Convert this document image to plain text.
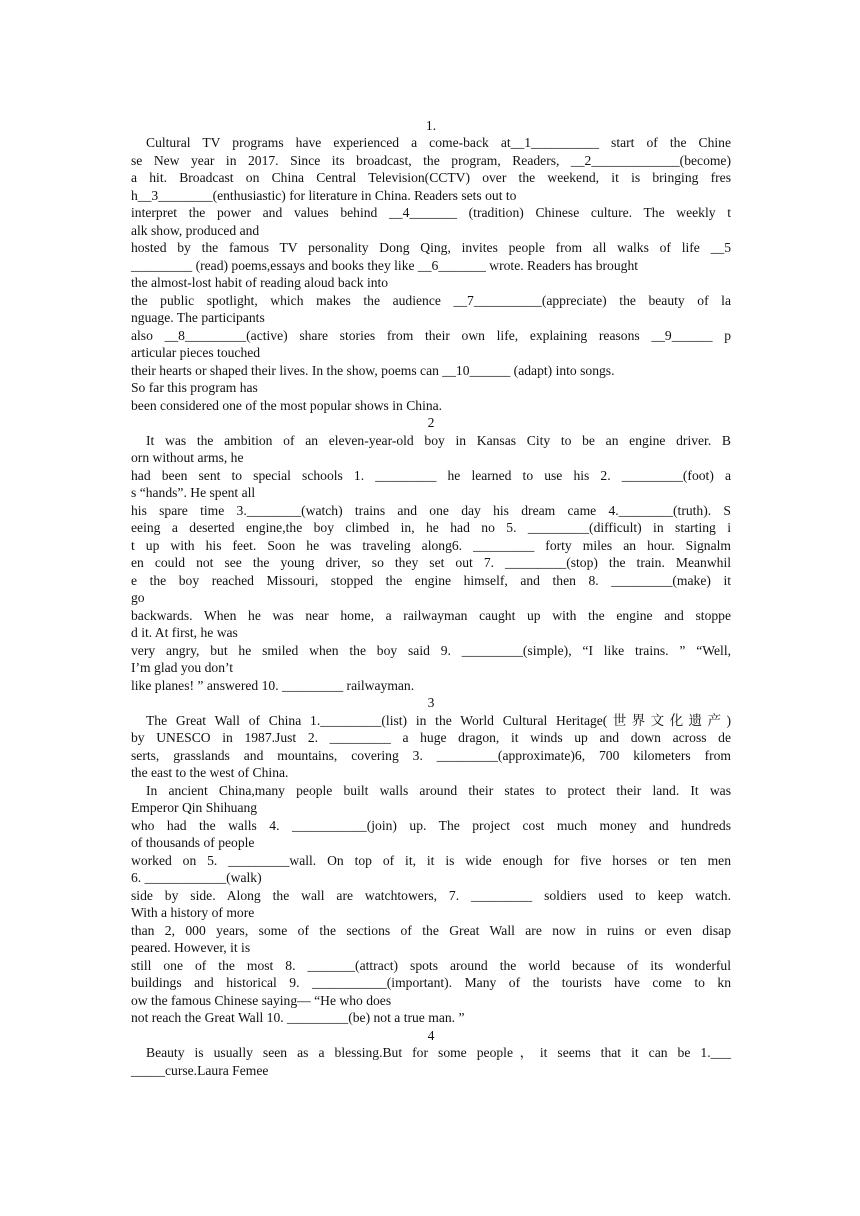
1.
Cultural TV programs have experienced a come-back at__1__________ start of the Chine
se New year in 2017. Since its broadcast, the program, Readers, __2_____________(become)
a hit. Broadcast on China Central Television(CCTV) over the weekend, it is bringing fres
h__3________(enthusiastic) for literature in China. Readers sets out to
interpret the power and values behind __4_______ (tradition) Chinese culture. The weekly t
alk show, produced and
hosted by the famous TV personality Dong Qing, invites people from all walks of life __5
_________ (read) poems,essays and books they like __6_______ wrote. Readers has brought
the almost-lost habit of reading aloud back into
the public spotlight, which makes the audience __7__________(appreciate) the beauty of la
nguage. The participants
also __8_________(active) share stories from their own life, explaining reasons __9______ p
articular pieces touched
their hearts or shaped their lives. In the show, poems can __10______ (adapt) into songs.
So far this program has
been considered one of the most popular shows in China.
2
It was the ambition of an eleven-year-old boy in Kansas City to be an engine driver. B
orn without arms, he
had been sent to special schools 1. _________ he learned to use his 2. _________(foot) a
s “hands”. He spent all
his spare time 3.________(watch) trains and one day his dream came 4.________(truth). S
eeing a deserted engine,the boy climbed in, he had no 5. _________(difficult) in starting i
t up with his feet. Soon he was traveling along6. _________ forty miles an hour. Signalm
en could not see the young driver, so they set out 7. _________(stop) the train. Meanwhil
e the boy reached Missouri, stopped the engine himself, and then 8. _________(make) it
go
backwards. When he was near home, a railwayman caught up with the engine and stoppe
d it. At first, he was
very angry, but he smiled when the boy said 9. _________(simple), “I like trains. ” “Well,
I’m glad you don’t
like planes! ” answered 10. _________ railwayman.
3
The Great Wall of China 1._________(list) in the World Cultural Heritage(世界文化遗产)
by UNESCO in 1987.Just 2. _________ a huge dragon, it winds up and down across de
serts, grasslands and mountains, covering 3. _________(approximate)6, 700 kilometers from
the east to the west of China.
In ancient China,many people built walls around their states to protect their land. It was
Emperor Qin Shihuang
who had the walls 4. ___________(join) up. The project cost much money and hundreds
of thousands of people
worked on 5. _________wall. On top of it, it is wide enough for five horses or ten men
6. ____________(walk)
side by side. Along the wall are watchtowers, 7. _________ soldiers used to keep watch.
With a history of more
than 2, 000 years, some of the sections of the Great Wall are now in ruins or even disap
peared. However, it is
still one of the most 8. _______(attract) spots around the world because of its wonderful
buildings and historical 9. ___________(important). Many of the tourists have come to kn
ow the famous Chinese saying— “He who does
not reach the Great Wall 10. _________(be) not a true man. ”
4
Beauty is usually seen as a blessing.But for some people，it seems that it can be 1.___
_____curse.Laura Femee
